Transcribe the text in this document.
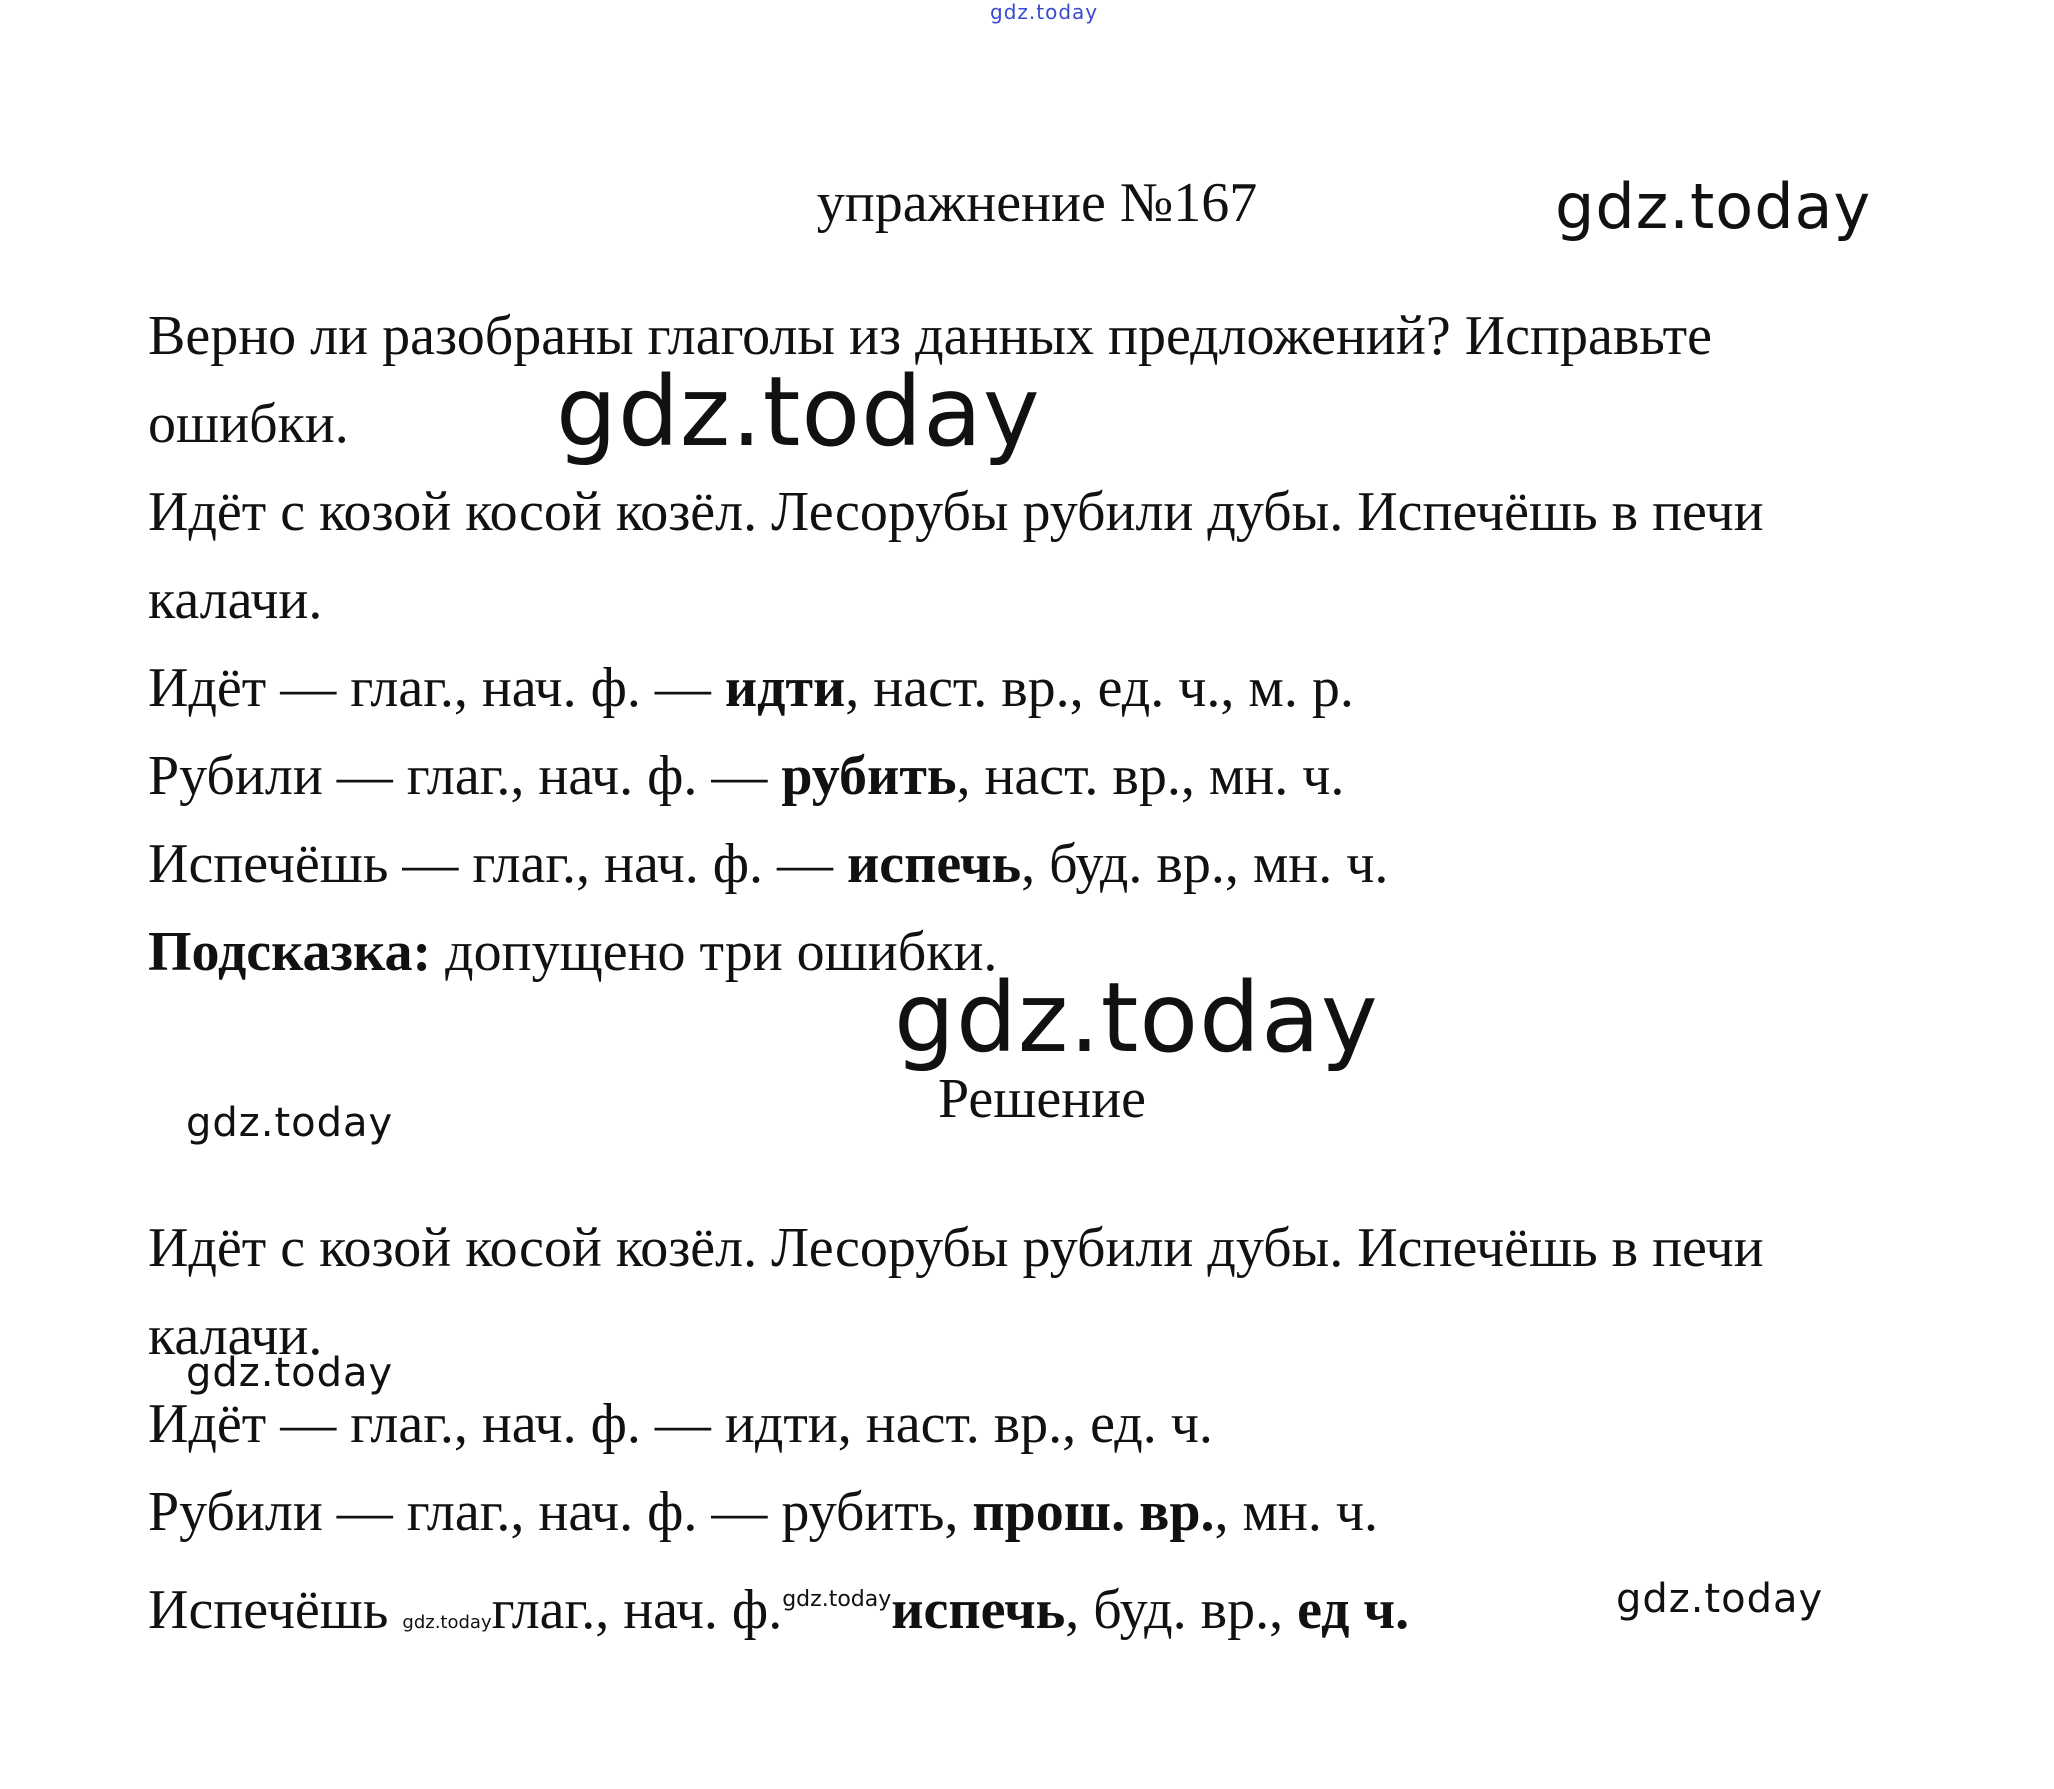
gdz.today
gdz.today
gdz.today
gdz.today
gdz.today
gdz.today
gdz.today
упражнение №167
Верно ли разобраны глаголы из данных предложений? Исправьте
ошибки.
Идёт с козой косой козёл. Лесорубы рубили дубы. Испечёшь в печи
калачи.
Идёт — глаг., нач. ф. — идти, наст. вр., ед. ч., м. р.
Рубили — глаг., нач. ф. — рубить, наст. вр., мн. ч.
Испечёшь — глаг., нач. ф. — испечь, буд. вр., мн. ч.
Подсказка: допущено три ошибки.
Решение
Идёт с козой косой козёл. Лесорубы рубили дубы. Испечёшь в печи
калачи.
Идёт — глаг., нач. ф. — идти, наст. вр., ед. ч.
Рубили — глаг., нач. ф. — рубить, прош. вр., мн. ч.
Испечёшь gdz.todayглаг., нач. ф.$^{gdz.today}$испечь, буд. вр., ед ч.
